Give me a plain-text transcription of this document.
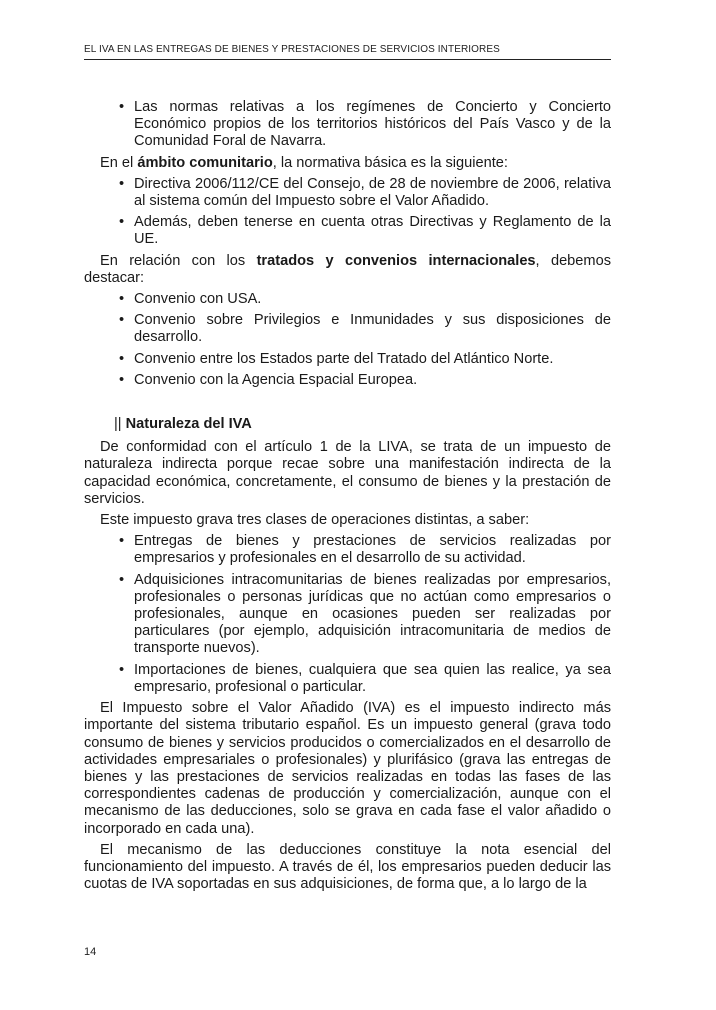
EL IVA EN LAS ENTREGAS DE BIENES Y PRESTACIONES DE SERVICIOS INTERIORES
• Las normas relativas a los regímenes de Concierto y Concierto Económico propios de los territorios históricos del País Vasco y de la Comunidad Foral de Navarra.

En el ámbito comunitario, la normativa básica es la siguiente:

• Directiva 2006/112/CE del Consejo, de 28 de noviembre de 2006, relativa al sistema común del Impuesto sobre el Valor Añadido.
• Además, deben tenerse en cuenta otras Directivas y Reglamento de la UE.

En relación con los tratados y convenios internacionales, debemos destacar:

• Convenio con USA.
• Convenio sobre Privilegios e Inmunidades y sus disposiciones de desarrollo.
• Convenio entre los Estados parte del Tratado del Atlántico Norte.
• Convenio con la Agencia Espacial Europea.
|| Naturaleza del IVA

De conformidad con el artículo 1 de la LIVA, se trata de un impuesto de naturaleza indirecta porque recae sobre una manifestación indirecta de la capacidad económica, concretamente, el consumo de bienes y la prestación de servicios.

Este impuesto grava tres clases de operaciones distintas, a saber:

• Entregas de bienes y prestaciones de servicios realizadas por empresarios y profesionales en el desarrollo de su actividad.
• Adquisiciones intracomunitarias de bienes realizadas por empresarios, profesionales o personas jurídicas que no actúan como empresarios o profesionales, aunque en ocasiones pueden ser realizadas por particulares (por ejemplo, adquisición intracomunitaria de medios de transporte nuevos).
• Importaciones de bienes, cualquiera que sea quien las realice, ya sea empresario, profesional o particular.

El Impuesto sobre el Valor Añadido (IVA) es el impuesto indirecto más importante del sistema tributario español. Es un impuesto general (grava todo consumo de bienes y servicios producidos o comercializados en el desarrollo de actividades empresariales o profesionales) y plurifásico (grava las entregas de bienes y las prestaciones de servicios realizadas en todas las fases de las correspondientes cadenas de producción y comercialización, aunque con el mecanismo de las deducciones, solo se grava en cada fase el valor añadido o incorporado en cada una).

El mecanismo de las deducciones constituye la nota esencial del funcionamiento del impuesto. A través de él, los empresarios pueden deducir las cuotas de IVA soportadas en sus adquisiciones, de forma que, a lo largo de la

14
